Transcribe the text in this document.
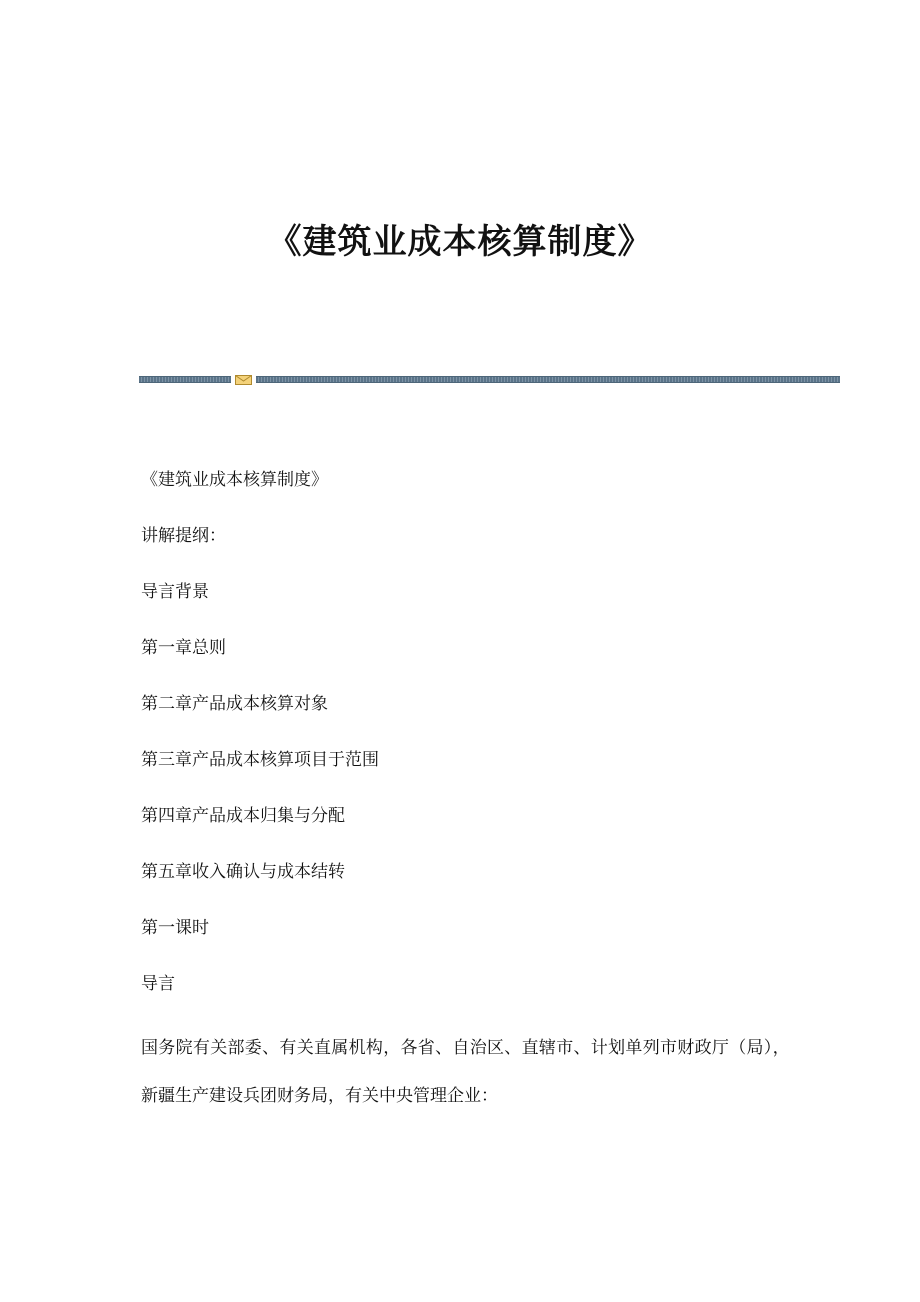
《建筑业成本核算制度》

《建筑业成本核算制度》

讲解提纲：

导言背景

第一章总则

第二章产品成本核算对象

第三章产品成本核算项目于范围

第四章产品成本归集与分配

第五章收入确认与成本结转

第一课时

导言

国务院有关部委、有关直属机构，各省、自治区、直辖市、计划单列市财政厅（局），

新疆生产建设兵团财务局，有关中央管理企业：
